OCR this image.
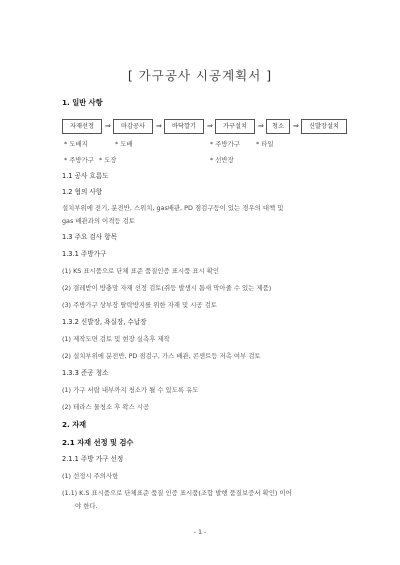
[ 가구공사 시공계획서 ]
1. 일반 사항
자재선정	⇒	마감공사	⇒	바닥깔기	⇒	가구설치	⇒	청소	⇒	신발장설치
* 도배지	* 도배	* 주방가구	* 타일
* 주방가구 * 도장	* 선반장
1.1 공사 흐름도
1.2 협의 사항
설치부위에 전기, 분전반, 스위치, gas배관, PD 점검구등이 있는 경우의 대책 및
gas 배관과의 이격등 검토
1.3 주요 검사 항목
1.3.1 주방가구
(1) KS 표시품으로 단체 표준 품질인증 표시품 표시 확인
(2) 결레받이 방충망 자재 선정 검토(쥐등 발생시 틈새 막아줄 수 있는 제품)
(3) 주방가구 상부장 탈락방지를 위한 자재 및 시공 검토
1.3.2 신발장, 욕실장, 수납장
(1) 제작도면 검토 및 현장 실측후 제작
(2) 설치부위에 분전반, PD 점검구, 가스 배관, 콘센트등 저촉 여부 검토
1.3.3 준공 청소
(1) 가구 서랍 내부까지 청소가 될 수 있도록 유도
(2) 테라스 물청소 후 왁스 시공
2. 자재
2.1 자재 선정 및 검수
2.1.1 주방 가구 선정
(1) 선정시 주의사항
(1.1) K.S 표시품으로 단체표준 품질 인증 표시품(조합 발행 품질보증서 확인) 이어
야 한다.
- 1 -
